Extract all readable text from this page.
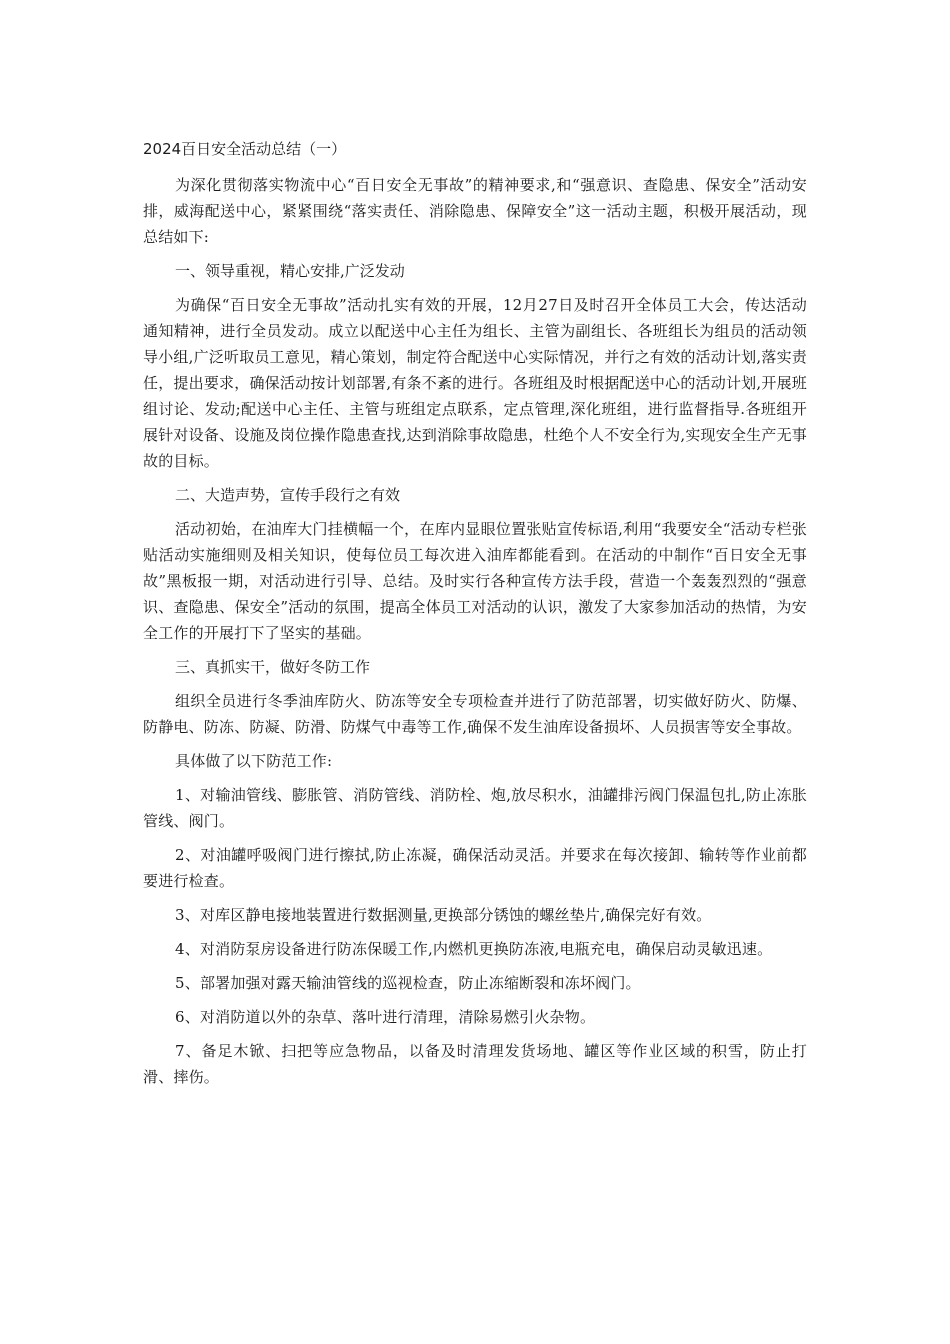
2024百日安全活动总结（一）

为深化贯彻落实物流中心“百日安全无事故”的精神要求,和“强意识、查隐患、保安全”活动安排，威海配送中心，紧紧围绕“落实责任、消除隐患、保障安全”这一活动主题，积极开展活动，现总结如下:

一、领导重视，精心安排,广泛发动

为确保“百日安全无事故”活动扎实有效的开展，12月27日及时召开全体员工大会，传达活动通知精神，进行全员发动。成立以配送中心主任为组长、主管为副组长、各班组长为组员的活动领导小组,广泛听取员工意见，精心策划，制定符合配送中心实际情况，并行之有效的活动计划,落实责任，提出要求，确保活动按计划部署,有条不紊的进行。各班组及时根据配送中心的活动计划,开展班组讨论、发动;配送中心主任、主管与班组定点联系，定点管理,深化班组，进行监督指导.各班组开展针对设备、设施及岗位操作隐患查找,达到消除事故隐患，杜绝个人不安全行为,实现安全生产无事故的目标。

二、大造声势，宣传手段行之有效

活动初始，在油库大门挂横幅一个，在库内显眼位置张贴宣传标语,利用“我要安全“活动专栏张贴活动实施细则及相关知识，使每位员工每次进入油库都能看到。在活动的中制作“百日安全无事故”黑板报一期，对活动进行引导、总结。及时实行各种宣传方法手段，营造一个轰轰烈烈的“强意识、查隐患、保安全”活动的氛围，提高全体员工对活动的认识，激发了大家参加活动的热情，为安全工作的开展打下了坚实的基础。

三、真抓实干，做好冬防工作

组织全员进行冬季油库防火、防冻等安全专项检查并进行了防范部署，切实做好防火、防爆、防静电、防冻、防凝、防滑、防煤气中毒等工作,确保不发生油库设备损坏、人员损害等安全事故。

具体做了以下防范工作:

1、对输油管线、膨胀管、消防管线、消防栓、炮,放尽积水，油罐排污阀门保温包扎,防止冻胀管线、阀门。

2、对油罐呼吸阀门进行擦拭,防止冻凝，确保活动灵活。并要求在每次接卸、输转等作业前都要进行检查。

3、对库区静电接地装置进行数据测量,更换部分锈蚀的螺丝垫片,确保完好有效。

4、对消防泵房设备进行防冻保暖工作,内燃机更换防冻液,电瓶充电，确保启动灵敏迅速。

5、部署加强对露天输油管线的巡视检查，防止冻缩断裂和冻坏阀门。

6、对消防道以外的杂草、落叶进行清理，清除易燃引火杂物。

7、备足木锨、扫把等应急物品，以备及时清理发货场地、罐区等作业区域的积雪，防止打滑、摔伤。
